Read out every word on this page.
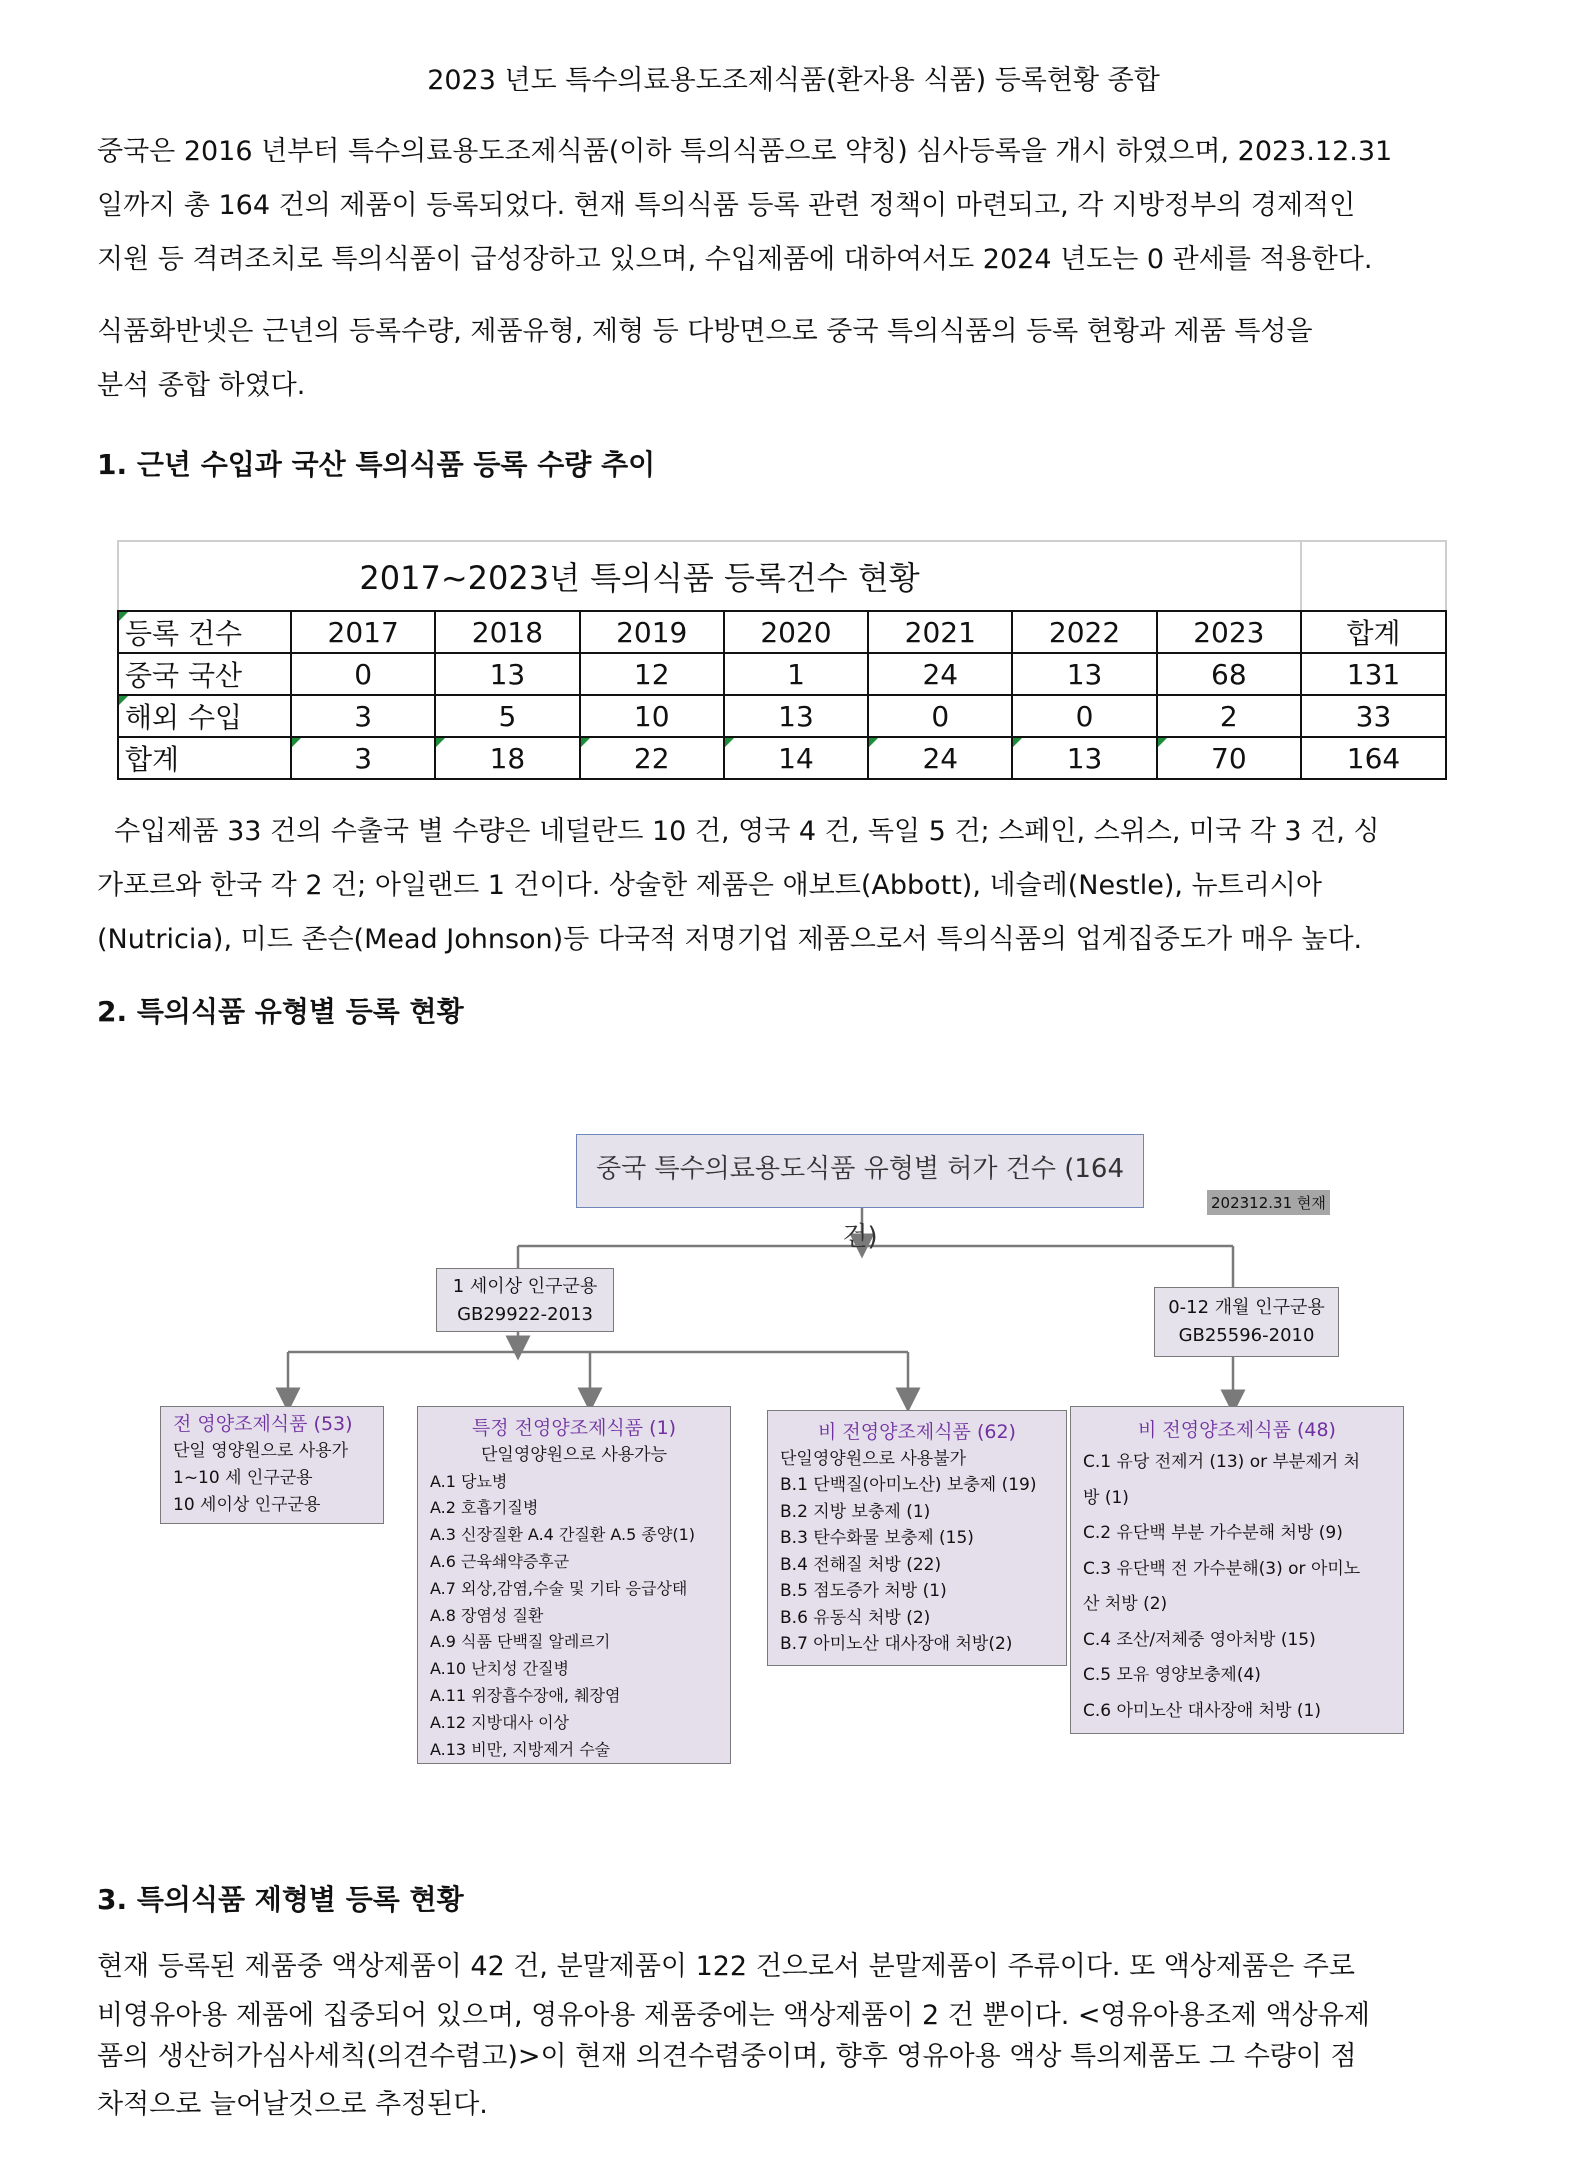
2023 년도 특수의료용도조제식품(환자용 식품) 등록현황 종합
중국은 2016 년부터 특수의료용도조제식품(이하 특의식품으로 약칭) 심사등록을 개시 하였으며, 2023.12.31
일까지 총 164 건의 제품이 등록되었다. 현재 특의식품 등록 관련 정책이 마련되고, 각 지방정부의 경제적인
지원 등 격려조치로 특의식품이 급성장하고 있으며, 수입제품에 대하여서도 2024 년도는 0 관세를 적용한다.
식품화반넷은 근년의 등록수량, 제품유형, 제형 등 다방면으로 중국 특의식품의 등록 현황과 제품 특성을
분석 종합 하였다.
1. 근년 수입과 국산 특의식품 등록 수량 추이
2017~2023년 특의식품 등록건수 현황								
등록 건수	2017	2018	2019	2020	2021	2022	2023	합계
중국 국산	0	13	12	1	24	13	68	131
해외 수입	3	5	10	13	0	0	2	33
합계	3	18	22	14	24	13	70	164
수입제품 33 건의 수출국 별 수량은 네덜란드 10 건, 영국 4 건, 독일 5 건; 스페인, 스위스, 미국 각 3 건, 싱
가포르와 한국 각 2 건; 아일랜드 1 건이다. 상술한 제품은 애보트(Abbott), 네슬레(Nestle), 뉴트리시아
(Nutricia), 미드 존슨(Mead Johnson)등 다국적 저명기업 제품으로서 특의식품의 업계집중도가 매우 높다.
2. 특의식품 유형별 등록 현황
중국 특수의료용도식품 유형별 허가 건수 (164 건)
202312.31 현재
1 세이상 인구군용
GB29922-2013	0-12 개월 인구군용
GB25596-2010
전 영양조제식품 (53)
단일 영양원으로 사용가
1~10 세 인구군용
10 세이상 인구군용
특정 전영양조제식품 (1)
단일영양원으로 사용가능
A.1 당뇨병
A.2 호흡기질병
A.3 신장질환 A.4 간질환 A.5 종양(1)
A.6 근육쇄약증후군
A.7 외상,감염,수술 및 기타 응급상태
A.8 장염성 질환
A.9 식품 단백질 알레르기
A.10 난치성 간질병
A.11 위장흡수장애, 췌장염
A.12 지방대사 이상
A.13 비만, 지방제거 수술
비 전영양조제식품 (62)
단일영양원으로 사용불가
B.1 단백질(아미노산) 보충제 (19)
B.2 지방 보충제 (1)
B.3 탄수화물 보충제 (15)
B.4 전해질 처방 (22)
B.5 점도증가 처방 (1)
B.6 유동식 처방 (2)
B.7 아미노산 대사장애 처방(2)
비 전영양조제식품 (48)
C.1 유당 전제거 (13) or 부분제거 처
방 (1)
C.2 유단백 부분 가수분해 처방 (9)
C.3 유단백 전 가수분해(3) or 아미노
산 처방 (2)
C.4 조산/저체중 영아처방 (15)
C.5 모유 영양보충제(4)
C.6 아미노산 대사장애 처방 (1)
3. 특의식품 제형별 등록 현황
현재 등록된 제품중 액상제품이 42 건, 분말제품이 122 건으로서 분말제품이 주류이다. 또 액상제품은 주로
비영유아용 제품에 집중되어 있으며, 영유아용 제품중에는 액상제품이 2 건 뿐이다. <영유아용조제 액상유제
품의 생산허가심사세칙(의견수렴고)>이 현재 의견수렴중이며, 향후 영유아용 액상 특의제품도 그 수량이 점
차적으로 늘어날것으로 추정된다.
